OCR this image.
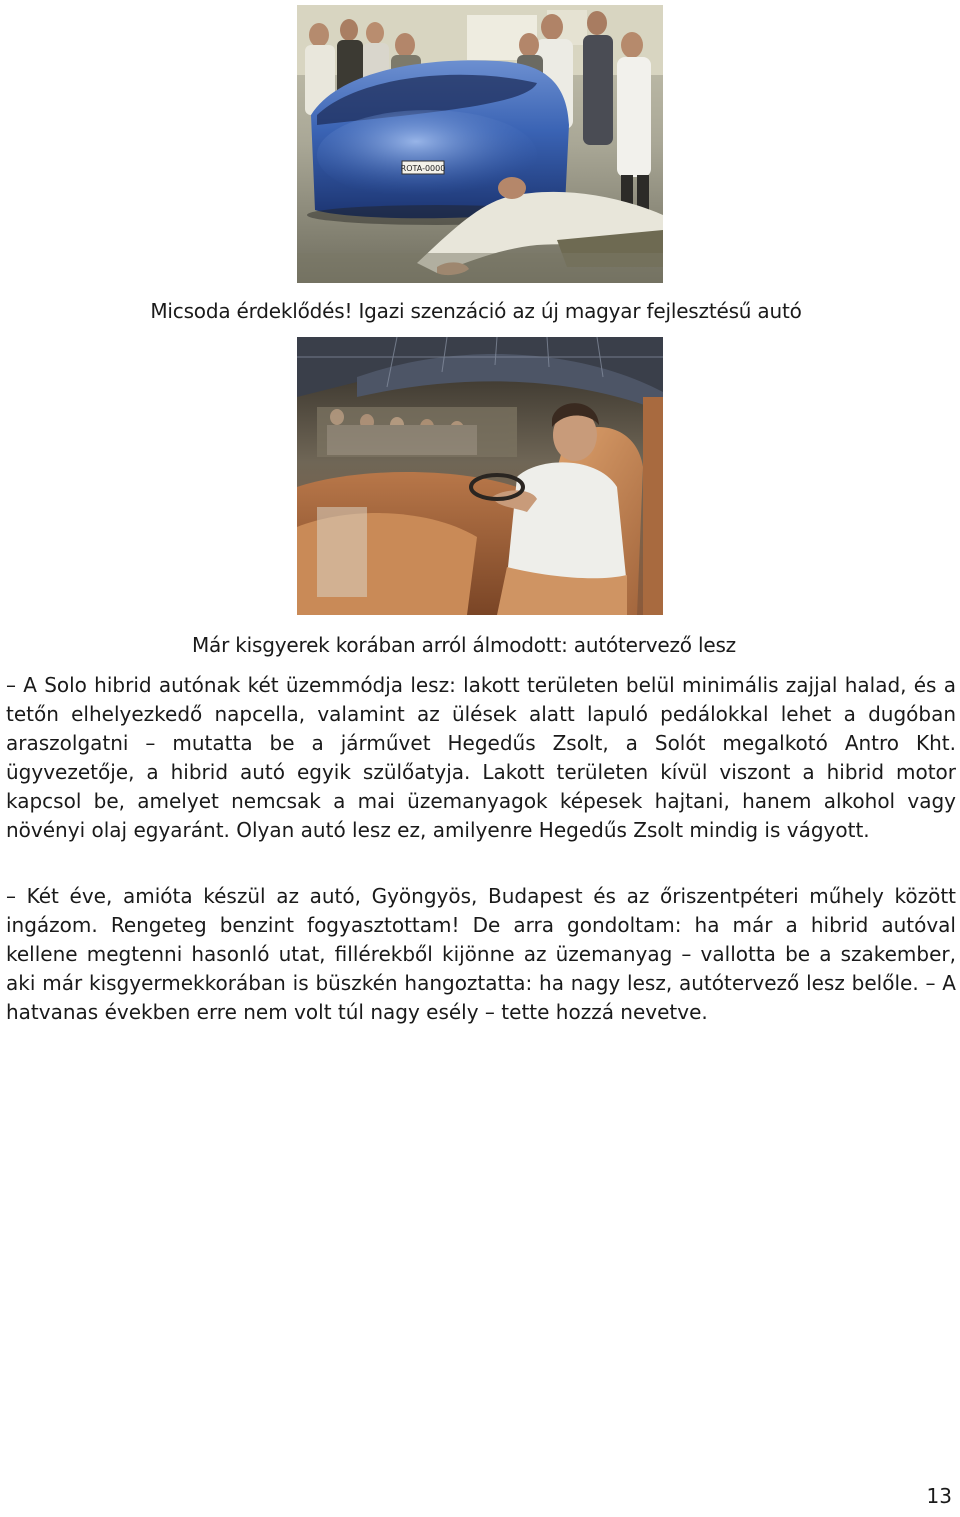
ROTA-0000
Micsoda érdeklődés! Igazi szenzáció az új magyar fejlesztésű autó
Már kisgyerek korában arról álmodott: autótervező lesz

– A Solo hibrid autónak két üzemmódja lesz: lakott területen belül minimális zajjal halad, és a tetőn elhelyezkedő napcella, valamint az ülések alatt lapuló pedálokkal lehet a dugóban araszolgatni – mutatta be a járművet Hegedűs Zsolt, a Solót megalkotó Antro Kht. ügyvezetője, a hibrid autó egyik szülőatyja. Lakott területen kívül viszont a hibrid motor kapcsol be, amelyet nemcsak a mai üzemanyagok képesek hajtani, hanem alkohol vagy növényi olaj egyaránt. Olyan autó lesz ez, amilyenre Hegedűs Zsolt mindig is vágyott.

– Két éve, amióta készül az autó, Gyöngyös, Budapest és az őriszentpéteri műhely között ingázom. Rengeteg benzint fogyasztottam! De arra gondoltam: ha már a hibrid autóval kellene megtenni hasonló utat, fillérekből kijönne az üzemanyag – vallotta be a szakember, aki már kisgyermekkorában is büszkén hangoztatta: ha nagy lesz, autótervező lesz belőle. – A hatvanas években erre nem volt túl nagy esély – tette hozzá nevetve.

13
